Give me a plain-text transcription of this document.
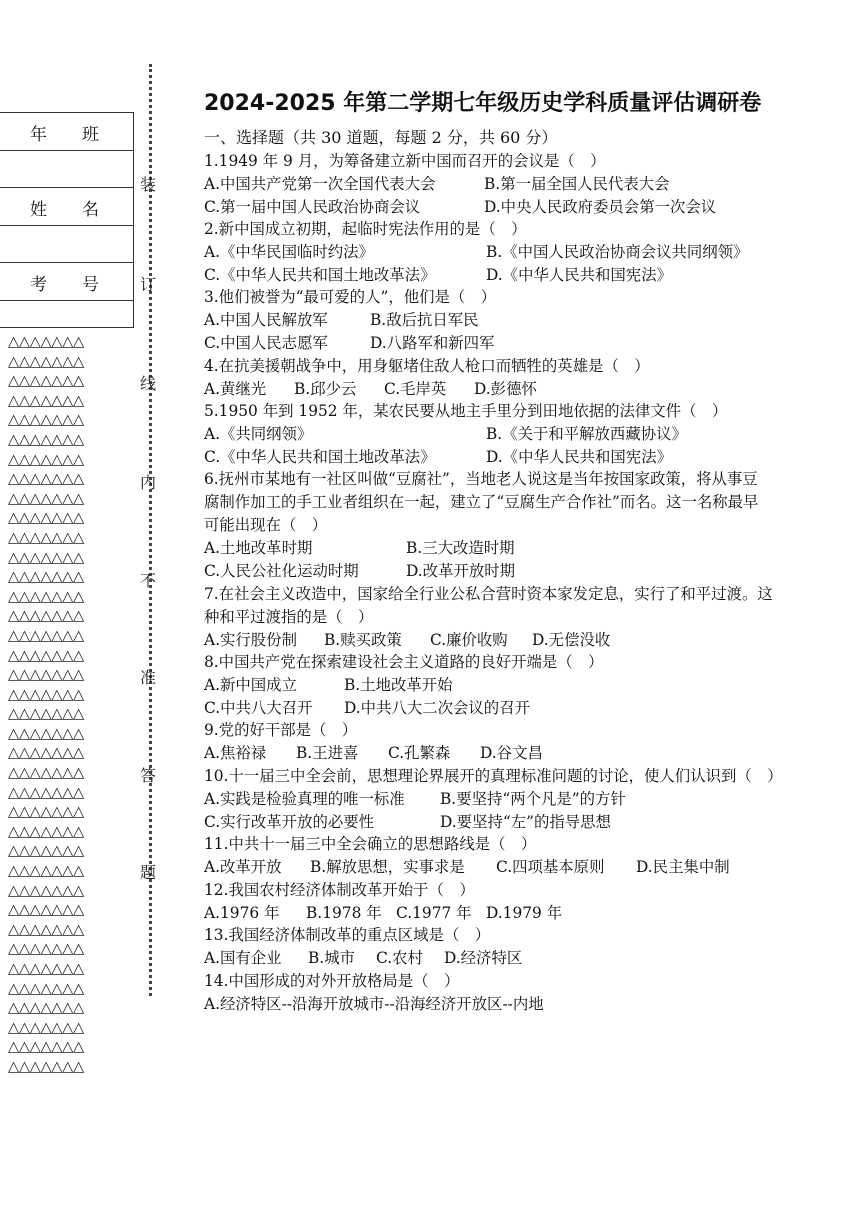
年 班
姓 名
考 号
△△△△△△△
△△△△△△△
△△△△△△△
△△△△△△△
△△△△△△△
△△△△△△△
△△△△△△△
△△△△△△△
△△△△△△△
△△△△△△△
△△△△△△△
△△△△△△△
△△△△△△△
△△△△△△△
△△△△△△△
△△△△△△△
△△△△△△△
△△△△△△△
△△△△△△△
△△△△△△△
△△△△△△△
△△△△△△△
△△△△△△△
△△△△△△△
△△△△△△△
△△△△△△△
△△△△△△△
△△△△△△△
△△△△△△△
△△△△△△△
△△△△△△△
△△△△△△△
△△△△△△△
△△△△△△△
△△△△△△△
△△△△△△△
△△△△△△△
△△△△△△△
装
订
线
内
不
准
答
题
2024-2025 年第二学期七年级历史学科质量评估调研卷
一、选择题（共 30 道题，每题 2 分，共 60 分）
1.1949 年 9 月，为筹备建立新中国而召开的会议是（　）
A.中国共产党第一次全国代表大会	B.第一届全国人民代表大会
C.第一届中国人民政治协商会议	D.中央人民政府委员会第一次会议
2.新中国成立初期，起临时宪法作用的是（　）
A.《中华民国临时约法》	B.《中国人民政治协商会议共同纲领》
C.《中华人民共和国土地改革法》	D.《中华人民共和国宪法》
3.他们被誉为“最可爱的人”，他们是（　）
A.中国人民解放军	B.敌后抗日军民
C.中国人民志愿军	D.八路军和新四军
4.在抗美援朝战争中，用身躯堵住敌人枪口而牺牲的英雄是（　）
A.黄继光 B.邱少云 C.毛岸英 D.彭德怀
5.1950 年到 1952 年，某农民要从地主手里分到田地依据的法律文件（　）
A.《共同纲领》	B.《关于和平解放西藏协议》
C.《中华人民共和国土地改革法》	D.《中华人民共和国宪法》
6.抚州市某地有一社区叫做“豆腐社”，当地老人说这是当年按国家政策，将从事豆
腐制作加工的手工业者组织在一起，建立了“豆腐生产合作社”而名。这一名称最早
可能出现在（　）
A.土地改革时期	B.三大改造时期
C.人民公社化运动时期	D.改革开放时期
7.在社会主义改造中，国家给全行业公私合营时资本家发定息，实行了和平过渡。这
种和平过渡指的是（　）
A.实行股份制 B.赎买政策 C.廉价收购 D.无偿没收
8.中国共产党在探索建设社会主义道路的良好开端是（　）
A.新中国成立	B.土地改革开始
C.中共八大召开 D.中共八大二次会议的召开
9.党的好干部是（　）
A.焦裕禄 B.王进喜 C.孔繁森 D.谷文昌
10.十一届三中全会前，思想理论界展开的真理标准问题的讨论，使人们认识到（　）
A.实践是检验真理的唯一标准 B.要坚持“两个凡是”的方针
C.实行改革开放的必要性	D.要坚持“左”的指导思想
11.中共十一届三中全会确立的思想路线是（　）
A.改革开放 B.解放思想，实事求是 C.四项基本原则 D.民主集中制
12.我国农村经济体制改革开始于（　）
A.1976 年 B.1978 年 C.1977 年 D.1979 年
13.我国经济体制改革的重点区域是（　）
A.国有企业 B.城市 C.农村 D.经济特区
14.中国形成的对外开放格局是（　）
A.经济特区--沿海开放城市--沿海经济开放区--内地
